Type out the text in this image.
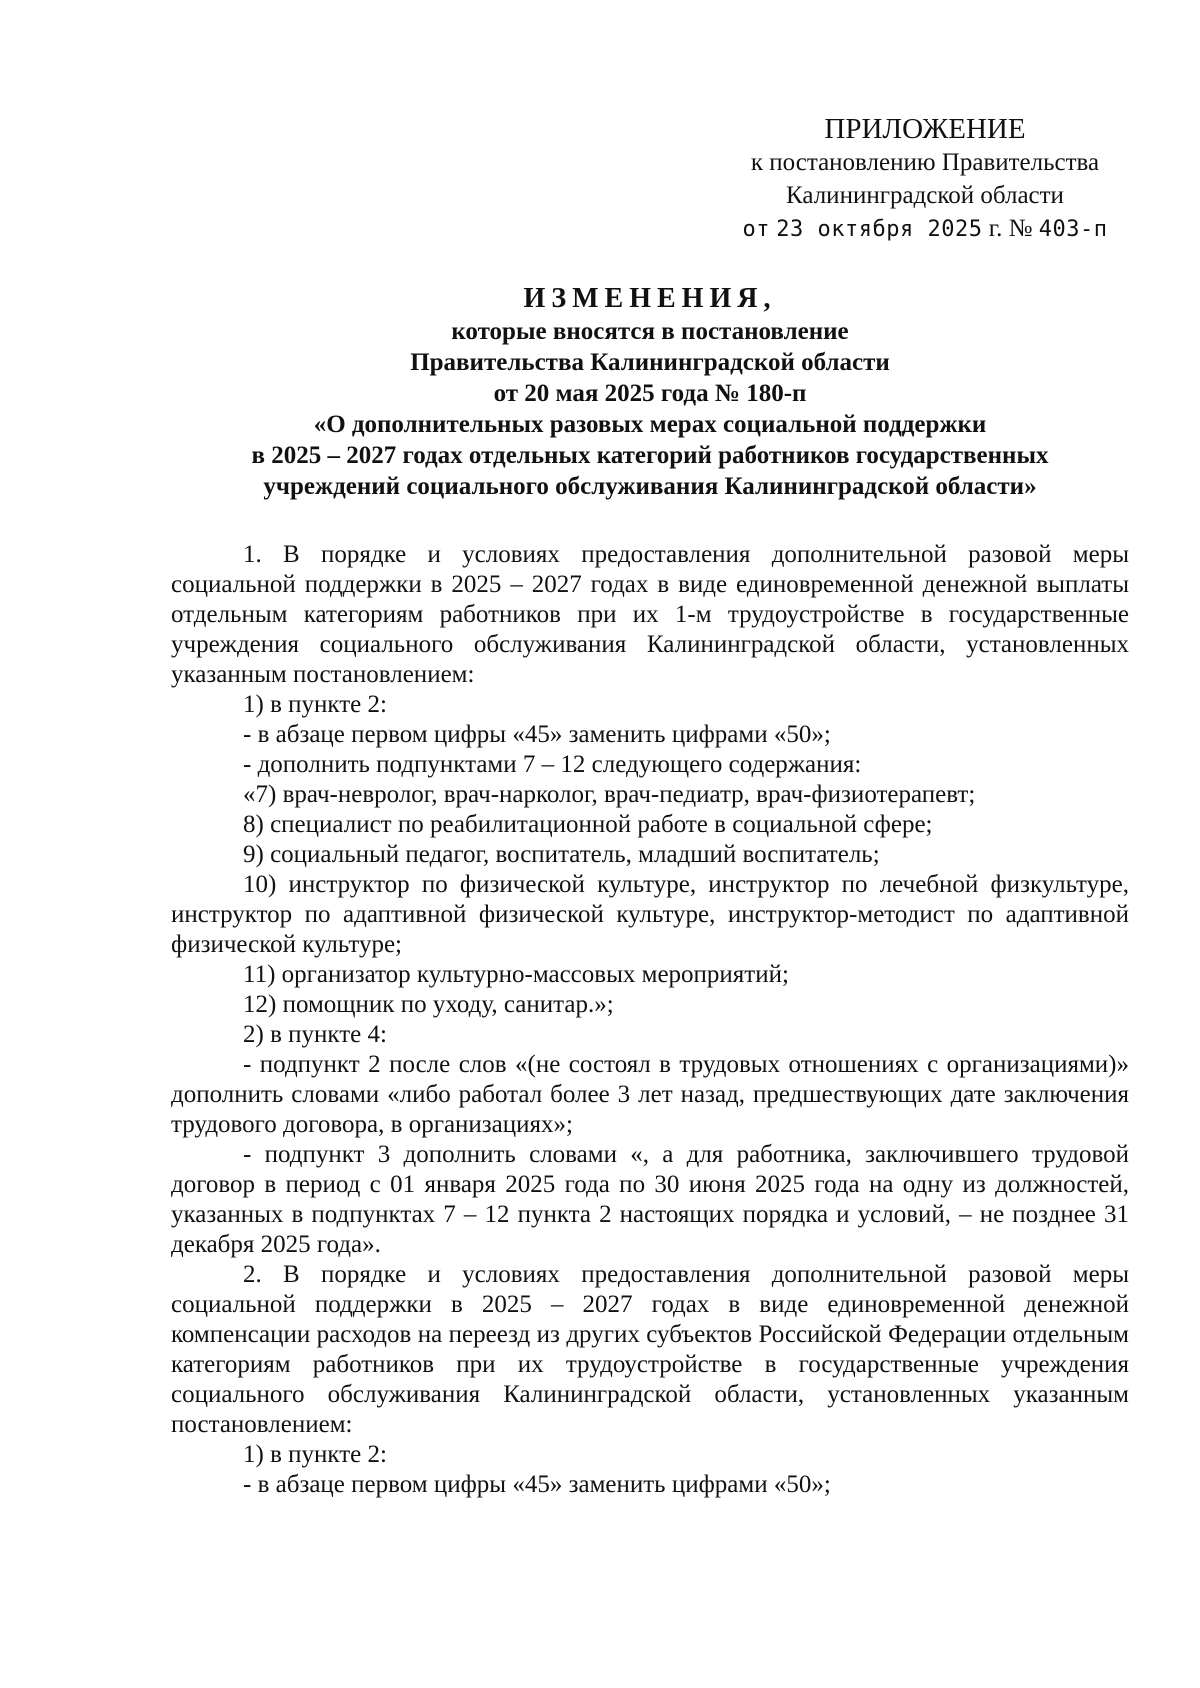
ПРИЛОЖЕНИЕ

к постановлению Правительства

Калининградской области

от 23 октября 2025 г. № 403-п

ИЗМЕНЕНИЯ,

которые вносятся в постановление

Правительства Калининградской области

от 20 мая 2025 года № 180-п

«О дополнительных разовых мерах социальной поддержки

в 2025 – 2027 годах отдельных категорий работников государственных

учреждений социального обслуживания Калининградской области»

1. В порядке и условиях предоставления дополнительной разовой меры социальной поддержки в 2025 – 2027 годах в виде единовременной денежной выплаты отдельным категориям работников при их 1-м трудоустройстве в государственные учреждения социального обслуживания Калининградской области, установленных указанным постановлением:

1) в пункте 2:

- в абзаце первом цифры «45» заменить цифрами «50»;

- дополнить подпунктами 7 – 12 следующего содержания:

«7) врач-невролог, врач-нарколог, врач-педиатр, врач-физиотерапевт;

8) специалист по реабилитационной работе в социальной сфере;

9) социальный педагог, воспитатель, младший воспитатель;

10) инструктор по физической культуре, инструктор по лечебной физкультуре, инструктор по адаптивной физической культуре, инструктор-методист по адаптивной физической культуре;

11) организатор культурно-массовых мероприятий;

12) помощник по уходу, санитар.»;

2) в пункте 4:

- подпункт 2 после слов «(не состоял в трудовых отношениях с организациями)» дополнить словами «либо работал более 3 лет назад, предшествующих дате заключения трудового договора, в организациях»;

- подпункт 3 дополнить словами «, а для работника, заключившего трудовой договор в период с 01 января 2025 года по 30 июня 2025 года на одну из должностей, указанных в подпунктах 7 – 12 пункта 2 настоящих порядка и условий, – не позднее 31 декабря 2025 года».

2. В порядке и условиях предоставления дополнительной разовой меры социальной поддержки в 2025 – 2027 годах в виде единовременной денежной компенсации расходов на переезд из других субъектов Российской Федерации отдельным категориям работников при их трудоустройстве в государственные учреждения социального обслуживания Калининградской области, установленных указанным постановлением:

1) в пункте 2:

- в абзаце первом цифры «45» заменить цифрами «50»;
